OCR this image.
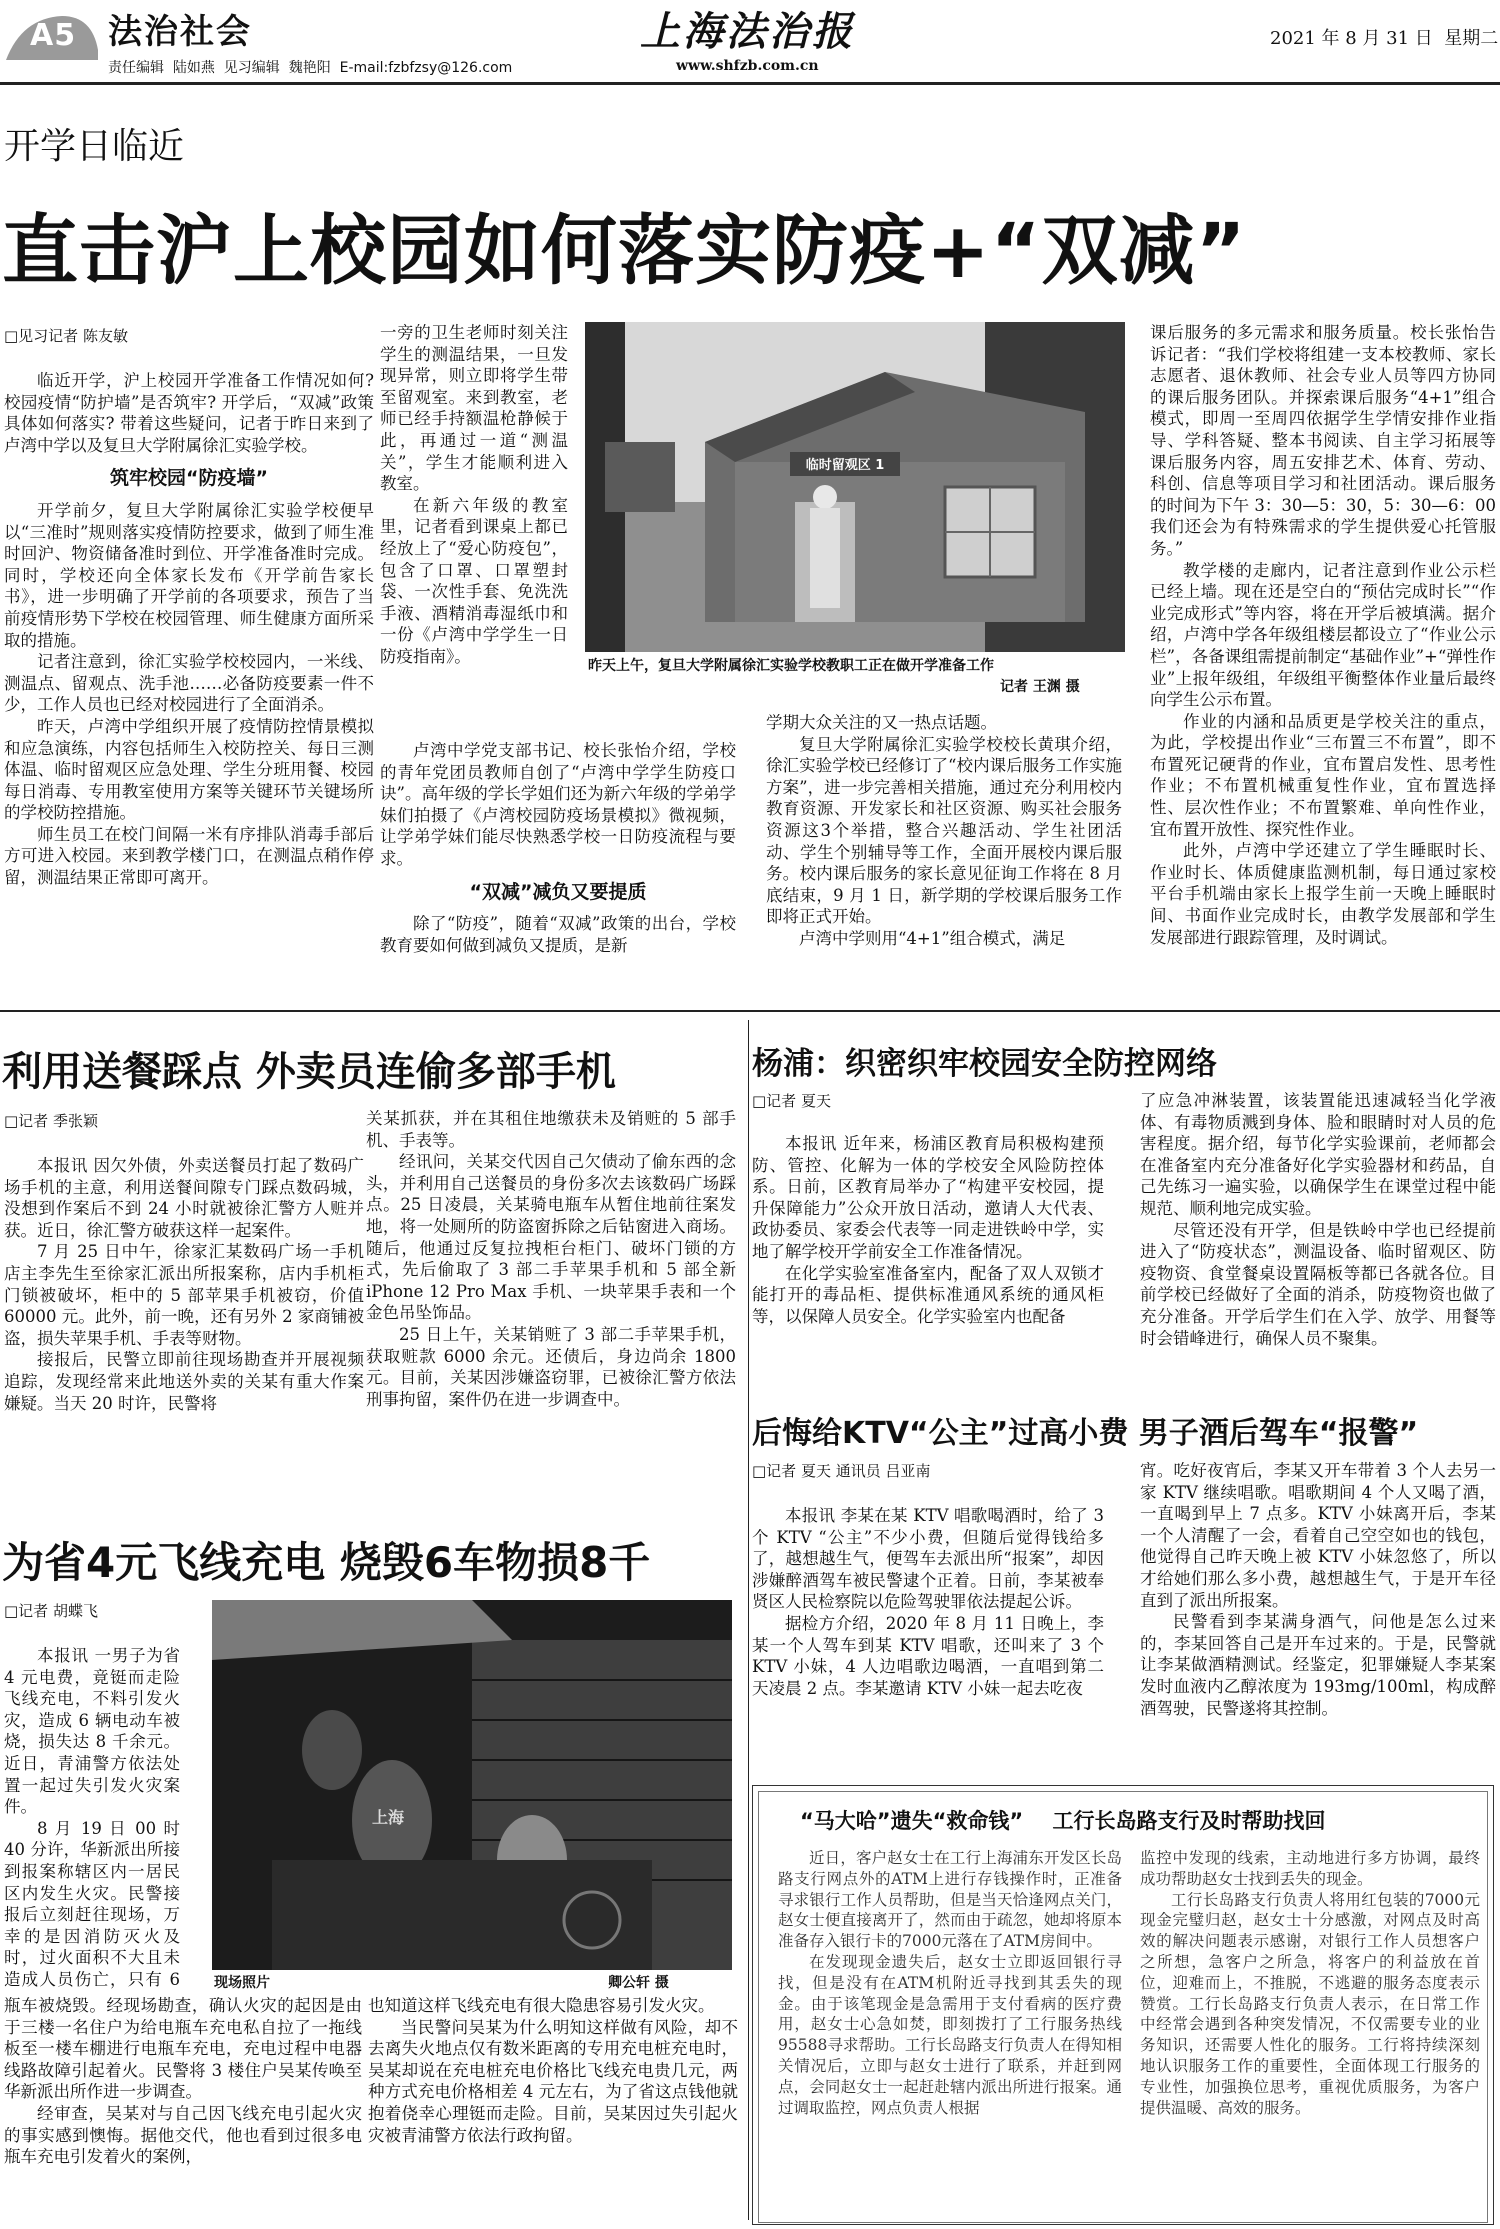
A5 法治社会
责任编辑  陆如燕  见习编辑  魏艳阳  E-mail:fzbfzsy@126.com
上海法治报
www.shfzb.com.cn
2021 年 8 月 31 日  星期二
开学日临近
直击沪上校园如何落实防疫+“双减”
□见习记者 陈友敏

临近开学，沪上校园开学准备工作情况如何? 校园疫情“防护墙”是否筑牢? 开学后，“双减”政策具体如何落实? 带着这些疑问，记者于昨日来到了卢湾中学以及复旦大学附属徐汇实验学校。

筑牢校园“防疫墙”

开学前夕，复旦大学附属徐汇实验学校便早以“三准时”规则落实疫情防控要求，做到了师生准时回沪、物资储备准时到位、开学准备准时完成。同时，学校还向全体家长发布《开学前告家长书》，进一步明确了开学前的各项要求，预告了当前疫情形势下学校在校园管理、师生健康方面所采取的措施。

记者注意到，徐汇实验学校校园内，一米线、测温点、留观点、洗手池……必备防疫要素一件不少，工作人员也已经对校园进行了全面消杀。

昨天，卢湾中学组织开展了疫情防控情景模拟和应急演练，内容包括师生入校防控关、每日三测体温、临时留观区应急处理、学生分班用餐、校园每日消毒、专用教室使用方案等关键环节关键场所的学校防控措施。

师生员工在校门间隔一米有序排队消毒手部后方可进入校园。来到教学楼门口，在测温点稍作停留，测温结果正常即可离开。

一旁的卫生老师时刻关注学生的测温结果，一旦发现异常，则立即将学生带至留观室。来到教室，老师已经手持额温枪静候于此，再通过一道“测温关”，学生才能顺利进入教室。

在新六年级的教室里，记者看到课桌上都已经放上了“爱心防疫包”，包含了口罩、口罩塑封袋、一次性手套、免洗洗手液、酒精消毒湿纸巾和一份《卢湾中学学生一日防疫指南》。

卢湾中学党支部书记、校长张怡介绍，学校的青年党团员教师自创了“卢湾中学学生防疫口诀”。高年级的学长学姐们还为新六年级的学弟学妹们拍摄了《卢湾校园防疫场景模拟》微视频，让学弟学妹们能尽快熟悉学校一日防疫流程与要求。

“双减”减负又要提质

除了“防疫”，随着“双减”政策的出台，学校教育要如何做到减负又提质，是新

临时留观区 1
昨天上午，复旦大学附属徐汇实验学校教职工正在做开学准备工作
记者 王渊 摄

学期大众关注的又一热点话题。

复旦大学附属徐汇实验学校校长黄琪介绍，徐汇实验学校已经修订了“校内课后服务工作实施方案”，进一步完善相关措施，通过充分利用校内教育资源、开发家长和社区资源、购买社会服务资源这3个举措，整合兴趣活动、学生社团活动、学生个别辅导等工作，全面开展校内课后服务。校内课后服务的家长意见征询工作将在 8 月底结束，9 月 1 日，新学期的学校课后服务工作即将正式开始。

卢湾中学则用“4+1”组合模式，满足

课后服务的多元需求和服务质量。校长张怡告诉记者：“我们学校将组建一支本校教师、家长志愿者、退休教师、社会专业人员等四方协同的课后服务团队。并探索课后服务“4+1”组合模式，即周一至周四依据学生学情安排作业指导、学科答疑、整本书阅读、自主学习拓展等课后服务内容，周五安排艺术、体育、劳动、科创、信息等项目学习和社团活动。课后服务的时间为下午 3：30—5：30，5：30—6：00 我们还会为有特殊需求的学生提供爱心托管服务。”

教学楼的走廊内，记者注意到作业公示栏已经上墙。现在还是空白的“预估完成时长”“作业完成形式”等内容，将在开学后被填满。据介绍，卢湾中学各年级组楼层都设立了“作业公示栏”，各备课组需提前制定“基础作业”+“弹性作业”上报年级组，年级组平衡整体作业量后最终向学生公示布置。

作业的内涵和品质更是学校关注的重点，为此，学校提出作业“三布置三不布置”，即不布置死记硬背的作业，宜布置启发性、思考性作业；不布置机械重复性作业，宜布置选择性、层次性作业；不布置繁难、单向性作业，宜布置开放性、探究性作业。

此外，卢湾中学还建立了学生睡眠时长、作业时长、体质健康监测机制，每日通过家校平台手机端由家长上报学生前一天晚上睡眠时间、书面作业完成时长，由教学发展部和学生发展部进行跟踪管理，及时调试。

利用送餐踩点 外卖员连偷多部手机
□记者 季张颖

本报讯 因欠外债，外卖送餐员打起了数码广场手机的主意，利用送餐间隙专门踩点数码城，没想到作案后不到 24 小时就被徐汇警方人赃并获。近日，徐汇警方破获这样一起案件。

7 月 25 日中午，徐家汇某数码广场一手机店主李先生至徐家汇派出所报案称，店内手机柜门锁被破坏，柜中的 5 部苹果手机被窃，价值 60000 元。此外，前一晚，还有另外 2 家商铺被盗，损失苹果手机、手表等财物。

接报后，民警立即前往现场勘查并开展视频追踪，发现经常来此地送外卖的关某有重大作案嫌疑。当天 20 时许，民警将

关某抓获，并在其租住地缴获未及销赃的 5 部手机、手表等。

经讯问，关某交代因自己欠债动了偷东西的念头，并利用自己送餐员的身份多次去该数码广场踩点。25 日凌晨，关某骑电瓶车从暂住地前往案发地，将一处厕所的防盗窗拆除之后钻窗进入商场。随后，他通过反复拉拽柜台柜门、破坏门锁的方式，先后偷取了 3 部二手苹果手机和 5 部全新 iPhone 12 Pro Max 手机、一块苹果手表和一个金色吊坠饰品。

25 日上午，关某销赃了 3 部二手苹果手机，获取赃款 6000 余元。还债后，身边尚余 1800 元。目前，关某因涉嫌盗窃罪，已被徐汇警方依法刑事拘留，案件仍在进一步调查中。

杨浦：织密织牢校园安全防控网络
□记者 夏天

本报讯 近年来，杨浦区教育局积极构建预防、管控、化解为一体的学校安全风险防控体系。日前，区教育局举办了“构建平安校园，提升保障能力”公众开放日活动，邀请人大代表、政协委员、家委会代表等一同走进铁岭中学，实地了解学校开学前安全工作准备情况。

在化学实验室准备室内，配备了双人双锁才能打开的毒品柜、提供标准通风系统的通风柜等，以保障人员安全。化学实验室内也配备

了应急冲淋装置，该装置能迅速减轻当化学液体、有毒物质溅到身体、脸和眼睛时对人员的危害程度。据介绍，每节化学实验课前，老师都会在准备室内充分准备好化学实验器材和药品，自己先练习一遍实验，以确保学生在课堂过程中能规范、顺利地完成实验。

尽管还没有开学，但是铁岭中学也已经提前进入了“防疫状态”，测温设备、临时留观区、防疫物资、食堂餐桌设置隔板等都已各就各位。目前学校已经做好了全面的消杀，防疫物资也做了充分准备。开学后学生们在入学、放学、用餐等时会错峰进行，确保人员不聚集。

后悔给KTV“公主”过高小费 男子酒后驾车“报警”
□记者 夏天 通讯员 吕亚南

本报讯 李某在某 KTV 唱歌喝酒时，给了 3 个 KTV “公主”不少小费，但随后觉得钱给多了，越想越生气，便驾车去派出所“报案”，却因涉嫌醉酒驾车被民警逮个正着。日前，李某被奉贤区人民检察院以危险驾驶罪依法提起公诉。

据检方介绍，2020 年 8 月 11 日晚上，李某一个人驾车到某 KTV 唱歌，还叫来了 3 个 KTV 小妹，4 人边唱歌边喝酒，一直唱到第二天凌晨 2 点。李某邀请 KTV 小妹一起去吃夜

宵。吃好夜宵后，李某又开车带着 3 个人去另一家 KTV 继续唱歌。唱歌期间 4 个人又喝了酒，一直喝到早上 7 点多。KTV 小妹离开后，李某一个人清醒了一会，看着自己空空如也的钱包，他觉得自己昨天晚上被 KTV 小妹忽悠了，所以才给她们那么多小费，越想越生气，于是开车径直到了派出所报案。

民警看到李某满身酒气，问他是怎么过来的，李某回答自己是开车过来的。于是，民警就让李某做酒精测试。经鉴定，犯罪嫌疑人李某案发时血液内乙醇浓度为 193mg/100ml，构成醉酒驾驶，民警遂将其控制。

为省4元飞线充电 烧毁6车物损8千
□记者 胡蝶飞

本报讯 一男子为省 4 元电费，竟铤而走险飞线充电，不料引发火灾，造成 6 辆电动车被烧，损失达 8 千余元。近日，青浦警方依法处置一起过失引发火灾案件。

8 月 19 日 00 时 40 分许，华新派出所接到报案称辖区内一居民区内发生火灾。民警接报后立刻赶往现场，万幸的是因消防灭火及时，过火面积不大且未造成人员伤亡，只有 6

上海
现场照片	卿公轩 摄

瓶车被烧毁。经现场勘查，确认火灾的起因是由于三楼一名住户为给电瓶车充电私自拉了一拖线板至一楼车棚进行电瓶车充电，充电过程中电器线路故障引起着火。民警将 3 楼住户吴某传唤至华新派出所作进一步调查。

经审查，吴某对与自己因飞线充电引起火灾的事实感到懊悔。据他交代，他也看到过很多电瓶车充电引发着火的案例，

也知道这样飞线充电有很大隐患容易引发火灾。

当民警问吴某为什么明知这样做有风险，却不去离失火地点仅有数米距离的专用充电桩充电时，吴某却说在充电桩充电价格比飞线充电贵几元，两种方式充电价格相差 4 元左右，为了省这点钱他就抱着侥幸心理铤而走险。目前，吴某因过失引起火灾被青浦警方依法行政拘留。

“马大哈”遗失“救命钱”    工行长岛路支行及时帮助找回

近日，客户赵女士在工行上海浦东开发区长岛路支行网点外的ATM上进行存钱操作时，正准备寻求银行工作人员帮助，但是当天恰逢网点关门，赵女士便直接离开了，然而由于疏忽，她却将原本准备存入银行卡的7000元落在了ATM房间中。

在发现现金遗失后，赵女士立即返回银行寻找，但是没有在ATM机附近寻找到其丢失的现金。由于该笔现金是急需用于支付看病的医疗费用，赵女士心急如焚，即刻拨打了工行服务热线95588寻求帮助。工行长岛路支行负责人在得知相关情况后，立即与赵女士进行了联系，并赶到网点，会同赵女士一起赶赴辖内派出所进行报案。通过调取监控，网点负责人根据

监控中发现的线索，主动地进行多方协调，最终成功帮助赵女士找到丢失的现金。

工行长岛路支行负责人将用红包装的7000元现金完璧归赵，赵女士十分感激，对网点及时高效的解决问题表示感谢，对银行工作人员想客户之所想，急客户之所急，将客户的利益放在首位，迎难而上，不推脱，不逃避的服务态度表示赞赏。工行长岛路支行负责人表示，在日常工作中经常会遇到各种突发情况，不仅需要专业的业务知识，还需要人性化的服务。工行将持续深刻地认识服务工作的重要性，全面体现工行服务的专业性，加强换位思考，重视优质服务，为客户提供温暖、高效的服务。
